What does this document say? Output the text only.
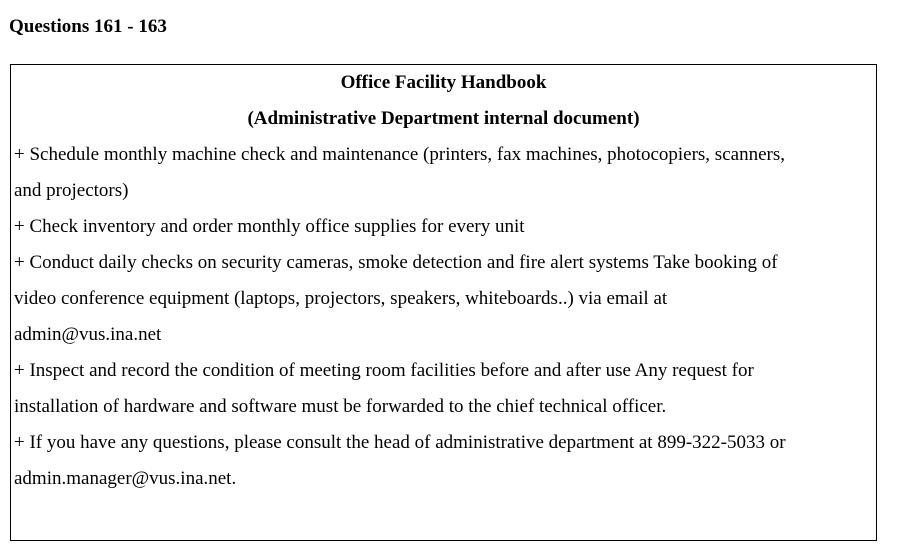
Questions 161 - 163
Office Facility Handbook
(Administrative Department internal document)
+ Schedule monthly machine check and maintenance (printers, fax machines, photocopiers, scanners,
and projectors)
+ Check inventory and order monthly office supplies for every unit
+ Conduct daily checks on security cameras, smoke detection and fire alert systems Take booking of
video conference equipment (laptops, projectors, speakers, whiteboards..) via email at
admin@vus.ina.net
+ Inspect and record the condition of meeting room facilities before and after use Any request for
installation of hardware and software must be forwarded to the chief technical officer.
+ If you have any questions, please consult the head of administrative department at 899-322-5033 or
admin.manager@vus.ina.net.
